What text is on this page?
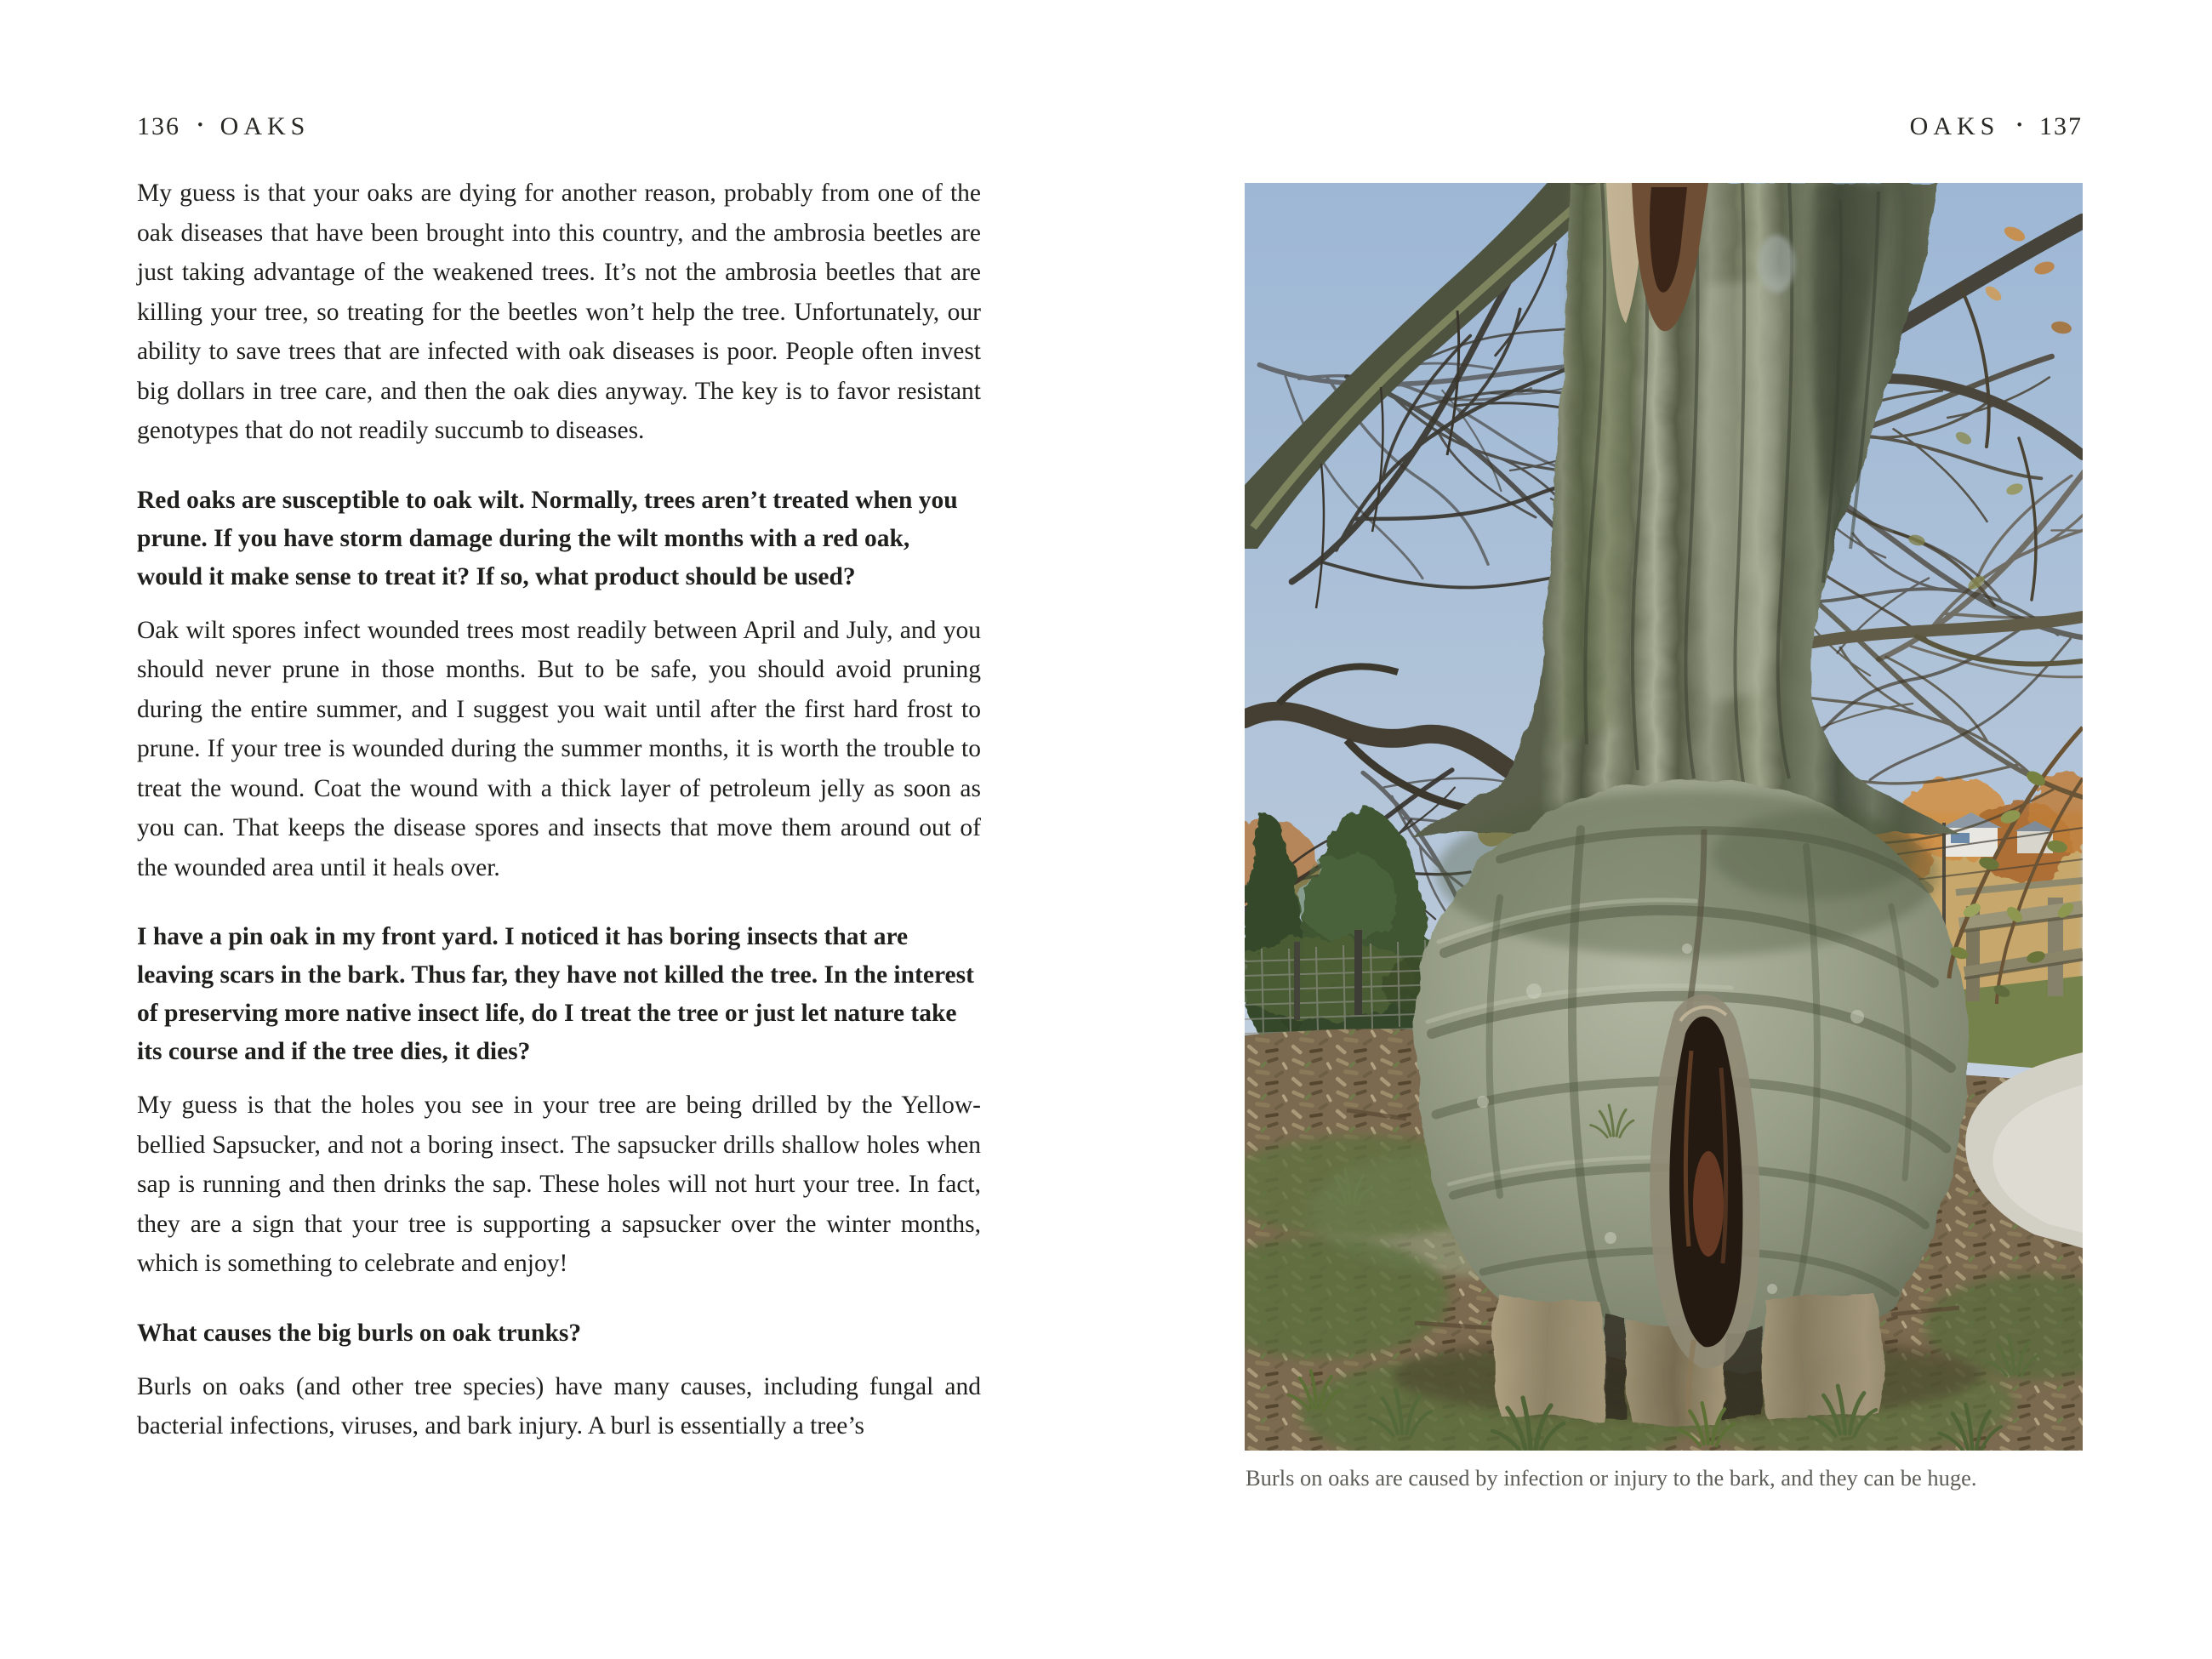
136 • OAKS	OAKS • 137

My guess is that your oaks are dying for another reason, probably from one of the oak diseases that have been brought into this country, and the ambrosia beetles are just taking advantage of the weakened trees. It’s not the ambrosia beetles that are killing your tree, so treating for the beetles won’t help the tree. Unfortunately, our ability to save trees that are infected with oak diseases is poor. People often invest big dollars in tree care, and then the oak dies anyway. The key is to favor resistant genotypes that do not readily succumb to diseases.

Red oaks are susceptible to oak wilt. Normally, trees aren’t treated when you prune. If you have storm damage during the wilt months with a red oak, would it make sense to treat it? If so, what product should be used?

Oak wilt spores infect wounded trees most readily between April and July, and you should never prune in those months. But to be safe, you should avoid pruning during the entire summer, and I suggest you wait until after the first hard frost to prune. If your tree is wounded during the summer months, it is worth the trouble to treat the wound. Coat the wound with a thick layer of petroleum jelly as soon as you can. That keeps the disease spores and insects that move them around out of the wounded area until it heals over.

I have a pin oak in my front yard. I noticed it has boring insects that are leaving scars in the bark. Thus far, they have not killed the tree. In the interest of preserving more native insect life, do I treat the tree or just let nature take its course and if the tree dies, it dies?

My guess is that the holes you see in your tree are being drilled by the Yellow-bellied Sapsucker, and not a boring insect. The sapsucker drills shallow holes when sap is running and then drinks the sap. These holes will not hurt your tree. In fact, they are a sign that your tree is supporting a sapsucker over the winter months, which is something to celebrate and enjoy!

What causes the big burls on oak trunks?

Burls on oaks (and other tree species) have many causes, including fungal and bacterial infections, viruses, and bark injury. A burl is essentially a tree’s

Burls on oaks are caused by infection or injury to the bark, and they can be huge.
